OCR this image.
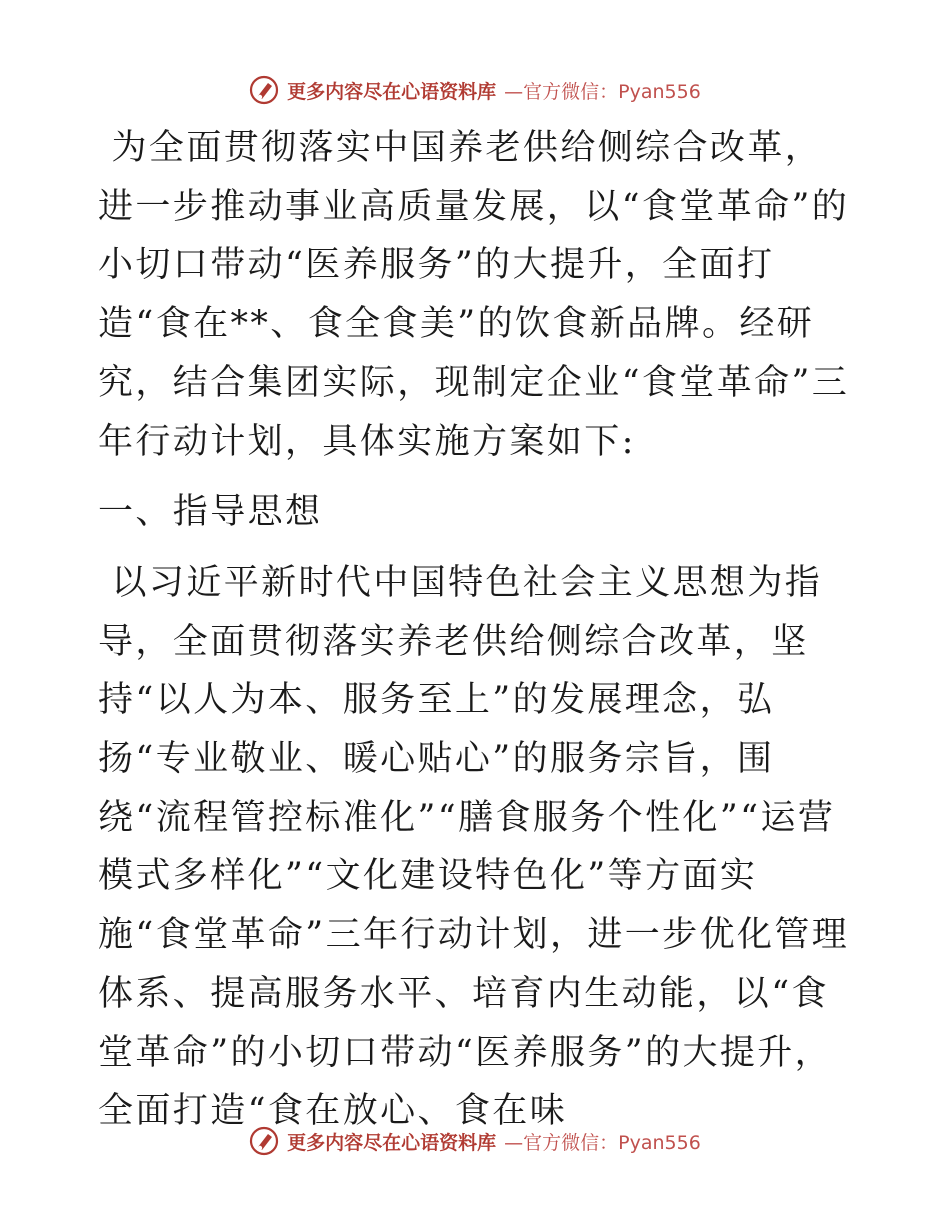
更多内容尽在心语资料库 —官方微信：Pyan556

为全面贯彻落实中国养老供给侧综合改革，进一步推动事业高质量发展，以“食堂革命”的小切口带动“医养服务”的大提升，全面打造“食在**、食全食美”的饮食新品牌。经研究，结合集团实际，现制定企业“食堂革命”三年行动计划，具体实施方案如下:

一、指导思想

以习近平新时代中国特色社会主义思想为指导，全面贯彻落实养老供给侧综合改革，坚持“以人为本、服务至上”的发展理念，弘扬“专业敬业、暖心贴心”的服务宗旨，围绕“流程管控标准化”“膳食服务个性化”“运营模式多样化”“文化建设特色化”等方面实施“食堂革命”三年行动计划，进一步优化管理体系、提高服务水平、培育内生动能，以“食堂革命”的小切口带动“医养服务”的大提升，全面打造“食在放心、食在味

更多内容尽在心语资料库 —官方微信：Pyan556
